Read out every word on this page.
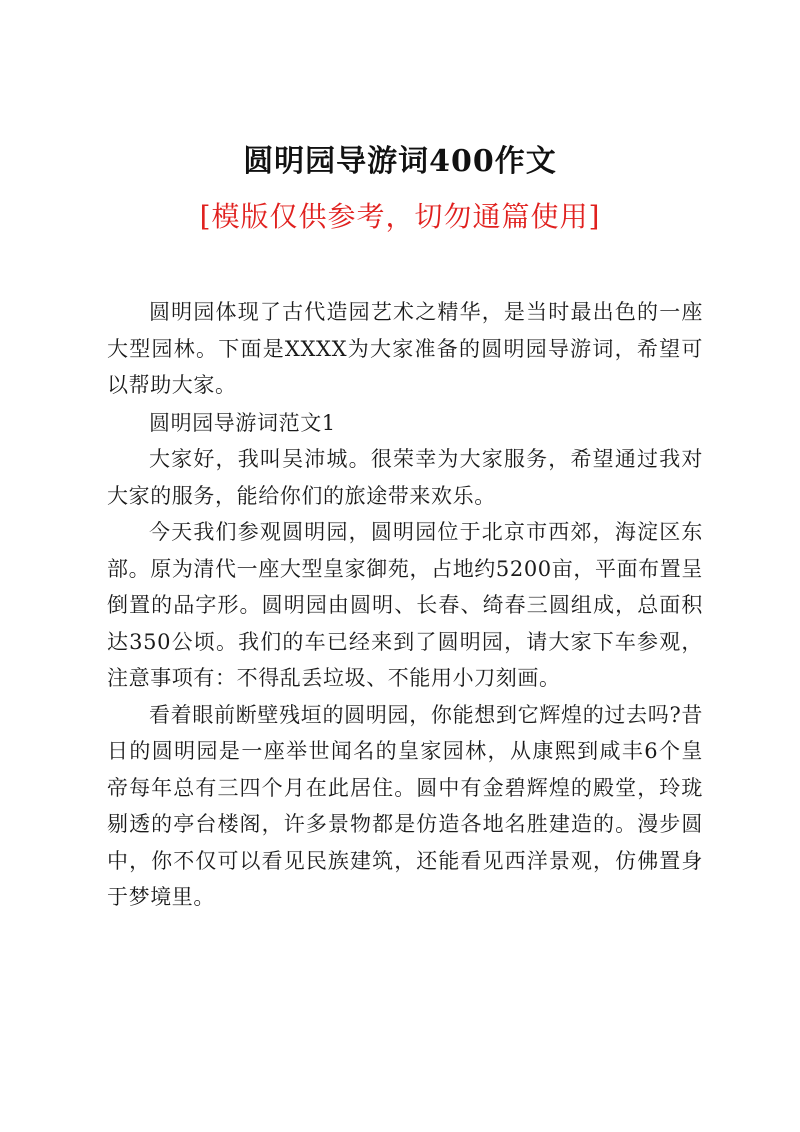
圆明园导游词400作文
[模版仅供参考，切勿通篇使用]

圆明园体现了古代造园艺术之精华，是当时最出色的一座大型园林。下面是XXXX为大家准备的圆明园导游词，希望可以帮助大家。

圆明园导游词范文1

大家好，我叫吴沛城。很荣幸为大家服务，希望通过我对大家的服务，能给你们的旅途带来欢乐。

今天我们参观圆明园，圆明园位于北京市西郊，海淀区东部。原为清代一座大型皇家御苑，占地约5200亩，平面布置呈倒置的品字形。圆明园由圆明、长春、绮春三圆组成，总面积达350公顷。我们的车已经来到了圆明园，请大家下车参观，注意事项有：不得乱丢垃圾、不能用小刀刻画。

看着眼前断壁残垣的圆明园，你能想到它辉煌的过去吗?昔日的圆明园是一座举世闻名的皇家园林，从康熙到咸丰6个皇帝每年总有三四个月在此居住。圆中有金碧辉煌的殿堂，玲珑剔透的亭台楼阁，许多景物都是仿造各地名胜建造的。漫步圆中，你不仅可以看见民族建筑，还能看见西洋景观，仿佛置身于梦境里。
